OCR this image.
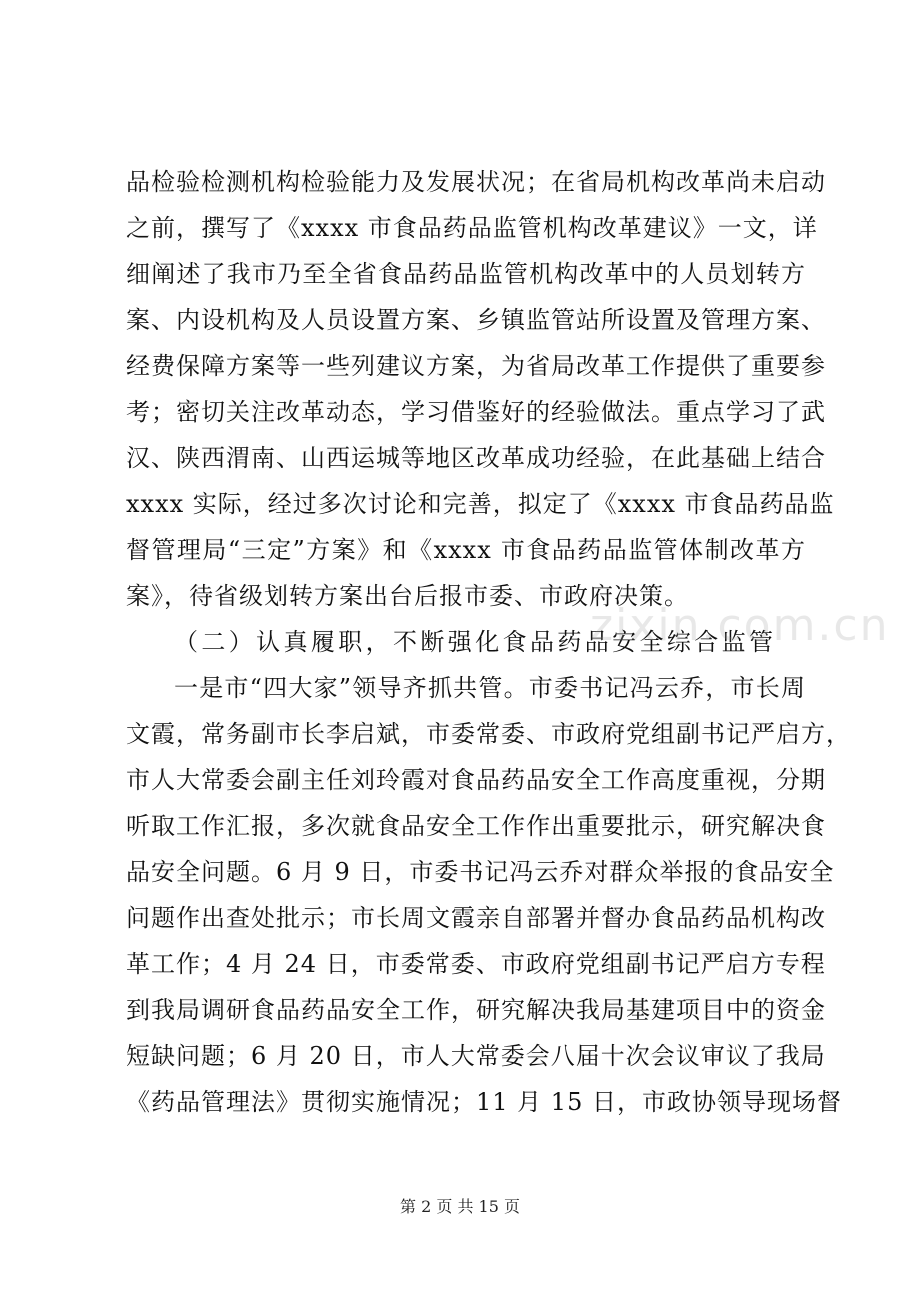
品检验检测机构检验能力及发展状况；在省局机构改革尚未启动
之前，撰写了《xxxx 市食品药品监管机构改革建议》一文，详
细阐述了我市乃至全省食品药品监管机构改革中的人员划转方
案、内设机构及人员设置方案、乡镇监管站所设置及管理方案、
经费保障方案等一些列建议方案，为省局改革工作提供了重要参
考；密切关注改革动态，学习借鉴好的经验做法。重点学习了武
汉、陕西渭南、山西运城等地区改革成功经验，在此基础上结合
xxxx 实际，经过多次讨论和完善，拟定了《xxxx 市食品药品监
督管理局“三定”方案》和《xxxx 市食品药品监管体制改革方
案》，待省级划转方案出台后报市委、市政府决策。
（二）认真履职，不断强化食品药品安全综合监管
一是市“四大家”领导齐抓共管。市委书记冯云乔，市长周
文霞，常务副市长李启斌，市委常委、市政府党组副书记严启方，
市人大常委会副主任刘玲霞对食品药品安全工作高度重视，分期
听取工作汇报，多次就食品安全工作作出重要批示，研究解决食
品安全问题。6 月 9 日，市委书记冯云乔对群众举报的食品安全
问题作出查处批示；市长周文霞亲自部署并督办食品药品机构改
革工作；4 月 24 日，市委常委、市政府党组副书记严启方专程
到我局调研食品药品安全工作，研究解决我局基建项目中的资金
短缺问题；6 月 20 日，市人大常委会八届十次会议审议了我局
《药品管理法》贯彻实施情况；11 月 15 日，市政协领导现场督
zixin.com.cn
第 2 页 共 15 页
